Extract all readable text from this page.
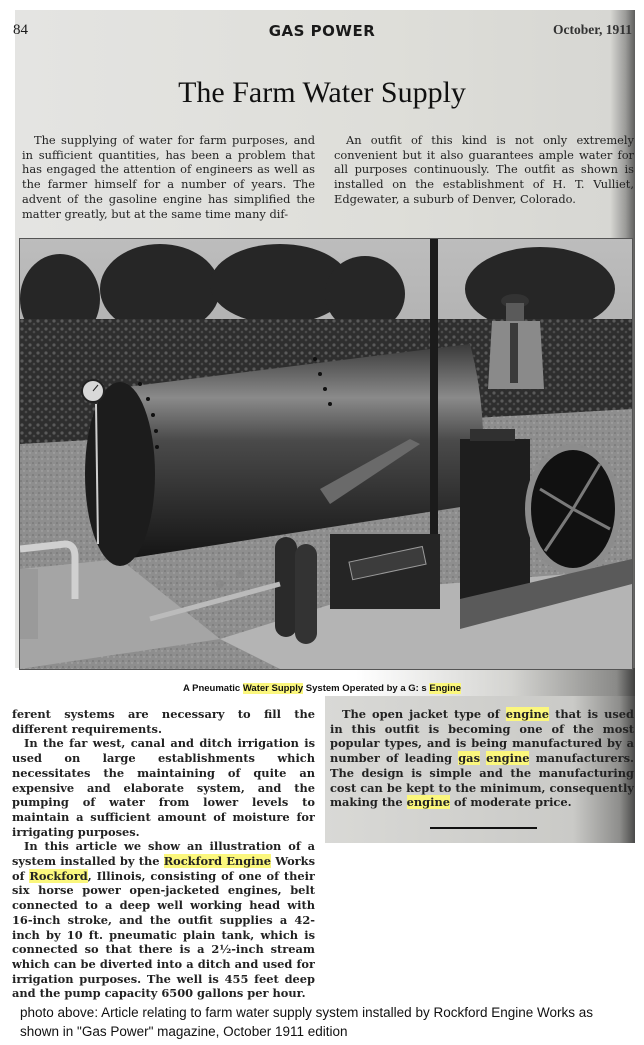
84	GAS POWER	October, 1911
The Farm Water Supply

The supplying of water for farm purposes, and in sufficient quantities, has been a problem that has engaged the attention of engineers as well as the farmer himself for a number of years. The advent of the gasoline engine has simplified the matter greatly, but at the same time many dif-

An outfit of this kind is not only extremely convenient but it also guarantees ample water for all purposes continuously. The outfit as shown is installed on the establishment of H. T. Vulliet, Edgewater, a suburb of Denver, Colorado.

A Pneumatic Water Supply System Operated by a G: s Engine

ferent systems are necessary to fill the different requirements.

In the far west, canal and ditch irrigation is used on large establishments which necessitates the maintaining of quite an expensive and elaborate system, and the pumping of water from lower levels to maintain a sufficient amount of moisture for irrigating purposes.

In this article we show an illustration of a system installed by the Rockford Engine Works of Rockford, Illinois, consisting of one of their six horse power open-jacketed engines, belt connected to a deep well working head with 16-inch stroke, and the outfit supplies a 42-inch by 10 ft. pneumatic plain tank, which is connected so that there is a 2½-inch stream which can be diverted into a ditch and used for irrigation purposes. The well is 455 feet deep and the pump capacity 6500 gallons per hour.

The open jacket type of engine that is used in this outfit is becoming one of the most popular types, and is being manufactured by a number of leading gas engine manufacturers. The design is simple and the manufacturing cost can be kept to the minimum, consequently making the engine of moderate price.

photo above: Article relating to farm water supply system installed by Rockford Engine Works as shown in "Gas Power" magazine, October 1911 edition
